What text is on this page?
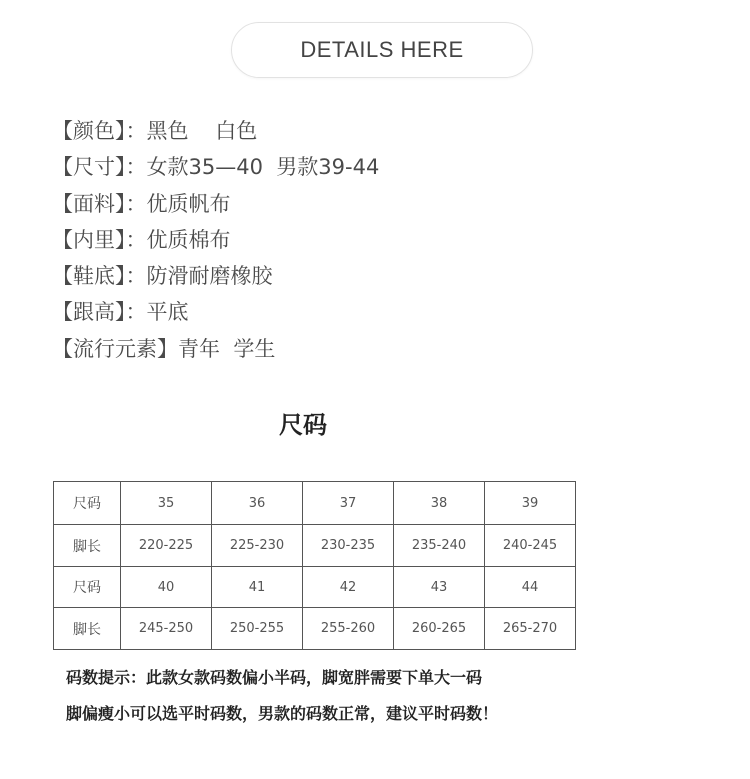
DETAILS HERE
【颜色】：黑色    白色
【尺寸】：女款35—40  男款39-44
【面料】：优质帆布
【内里】：优质棉布
【鞋底】：防滑耐磨橡胶
【跟高】：平底
【流行元素】青年  学生
尺码
尺码	35	36	37	38	39
脚长	220-225	225-230	230-235	235-240	240-245
尺码	40	41	42	43	44
脚长	245-250	250-255	255-260	260-265	265-270
码数提示：此款女款码数偏小半码，脚宽胖需要下单大一码
脚偏瘦小可以选平时码数，男款的码数正常，建议平时码数！
